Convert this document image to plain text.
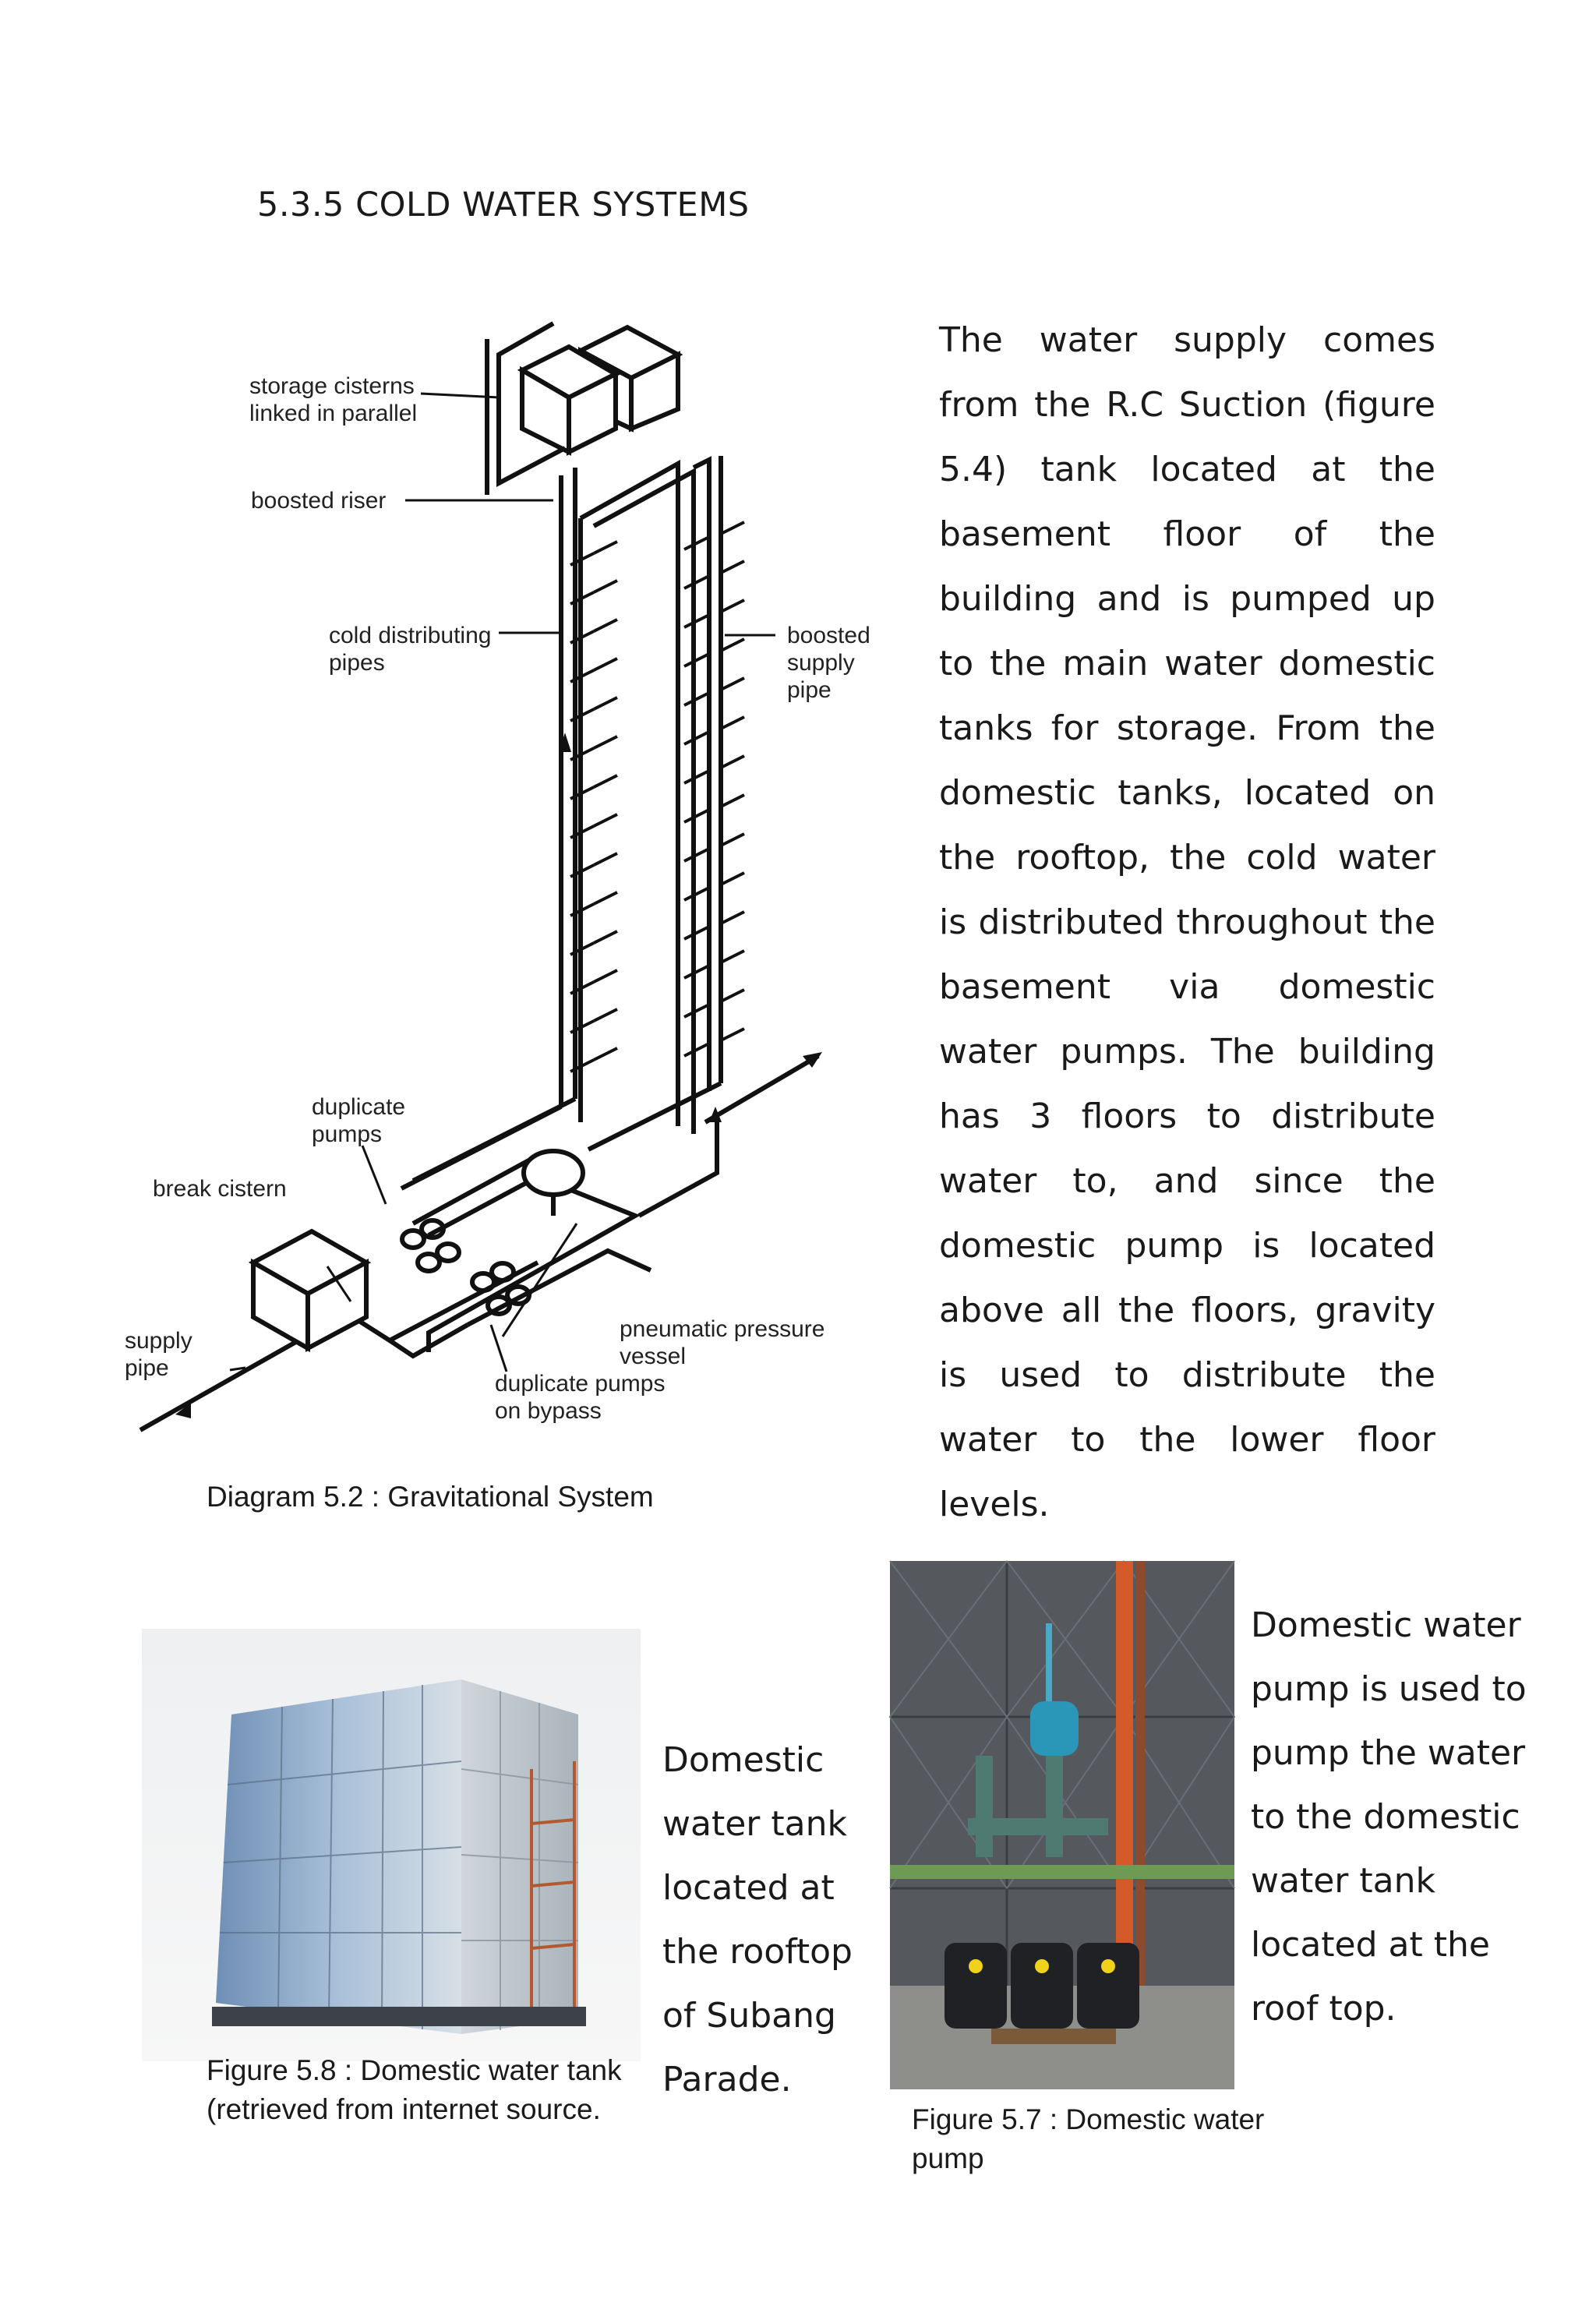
5.3.5 COLD WATER SYSTEMS
The water supply comes from the R.C Suction (figure 5.4) tank located at the basement floor of the building and is pumped up to the main water domestic tanks for storage. From the domestic tanks, located on the rooftop, the cold water is distributed throughout the basement via domestic water pumps. The building has 3 floors to distribute water to, and since the domestic pump is located above all the floors, gravity is used to distribute the water to the lower floor levels.
storage cisterns
linked in parallel
boosted riser
cold distributing
pipes
boosted
supply
pipe
duplicate
pumps
break cistern
supply
pipe
pneumatic pressure
vessel
duplicate pumps
on bypass
Diagram 5.2 : Gravitational System
Figure 5.8 : Domestic water tank (retrieved from internet source.
Domestic water tank located at the rooftop of Subang Parade.
Domestic water pump is used to pump the water to the domestic water tank located at the roof top.
Figure 5.7 : Domestic water pump
